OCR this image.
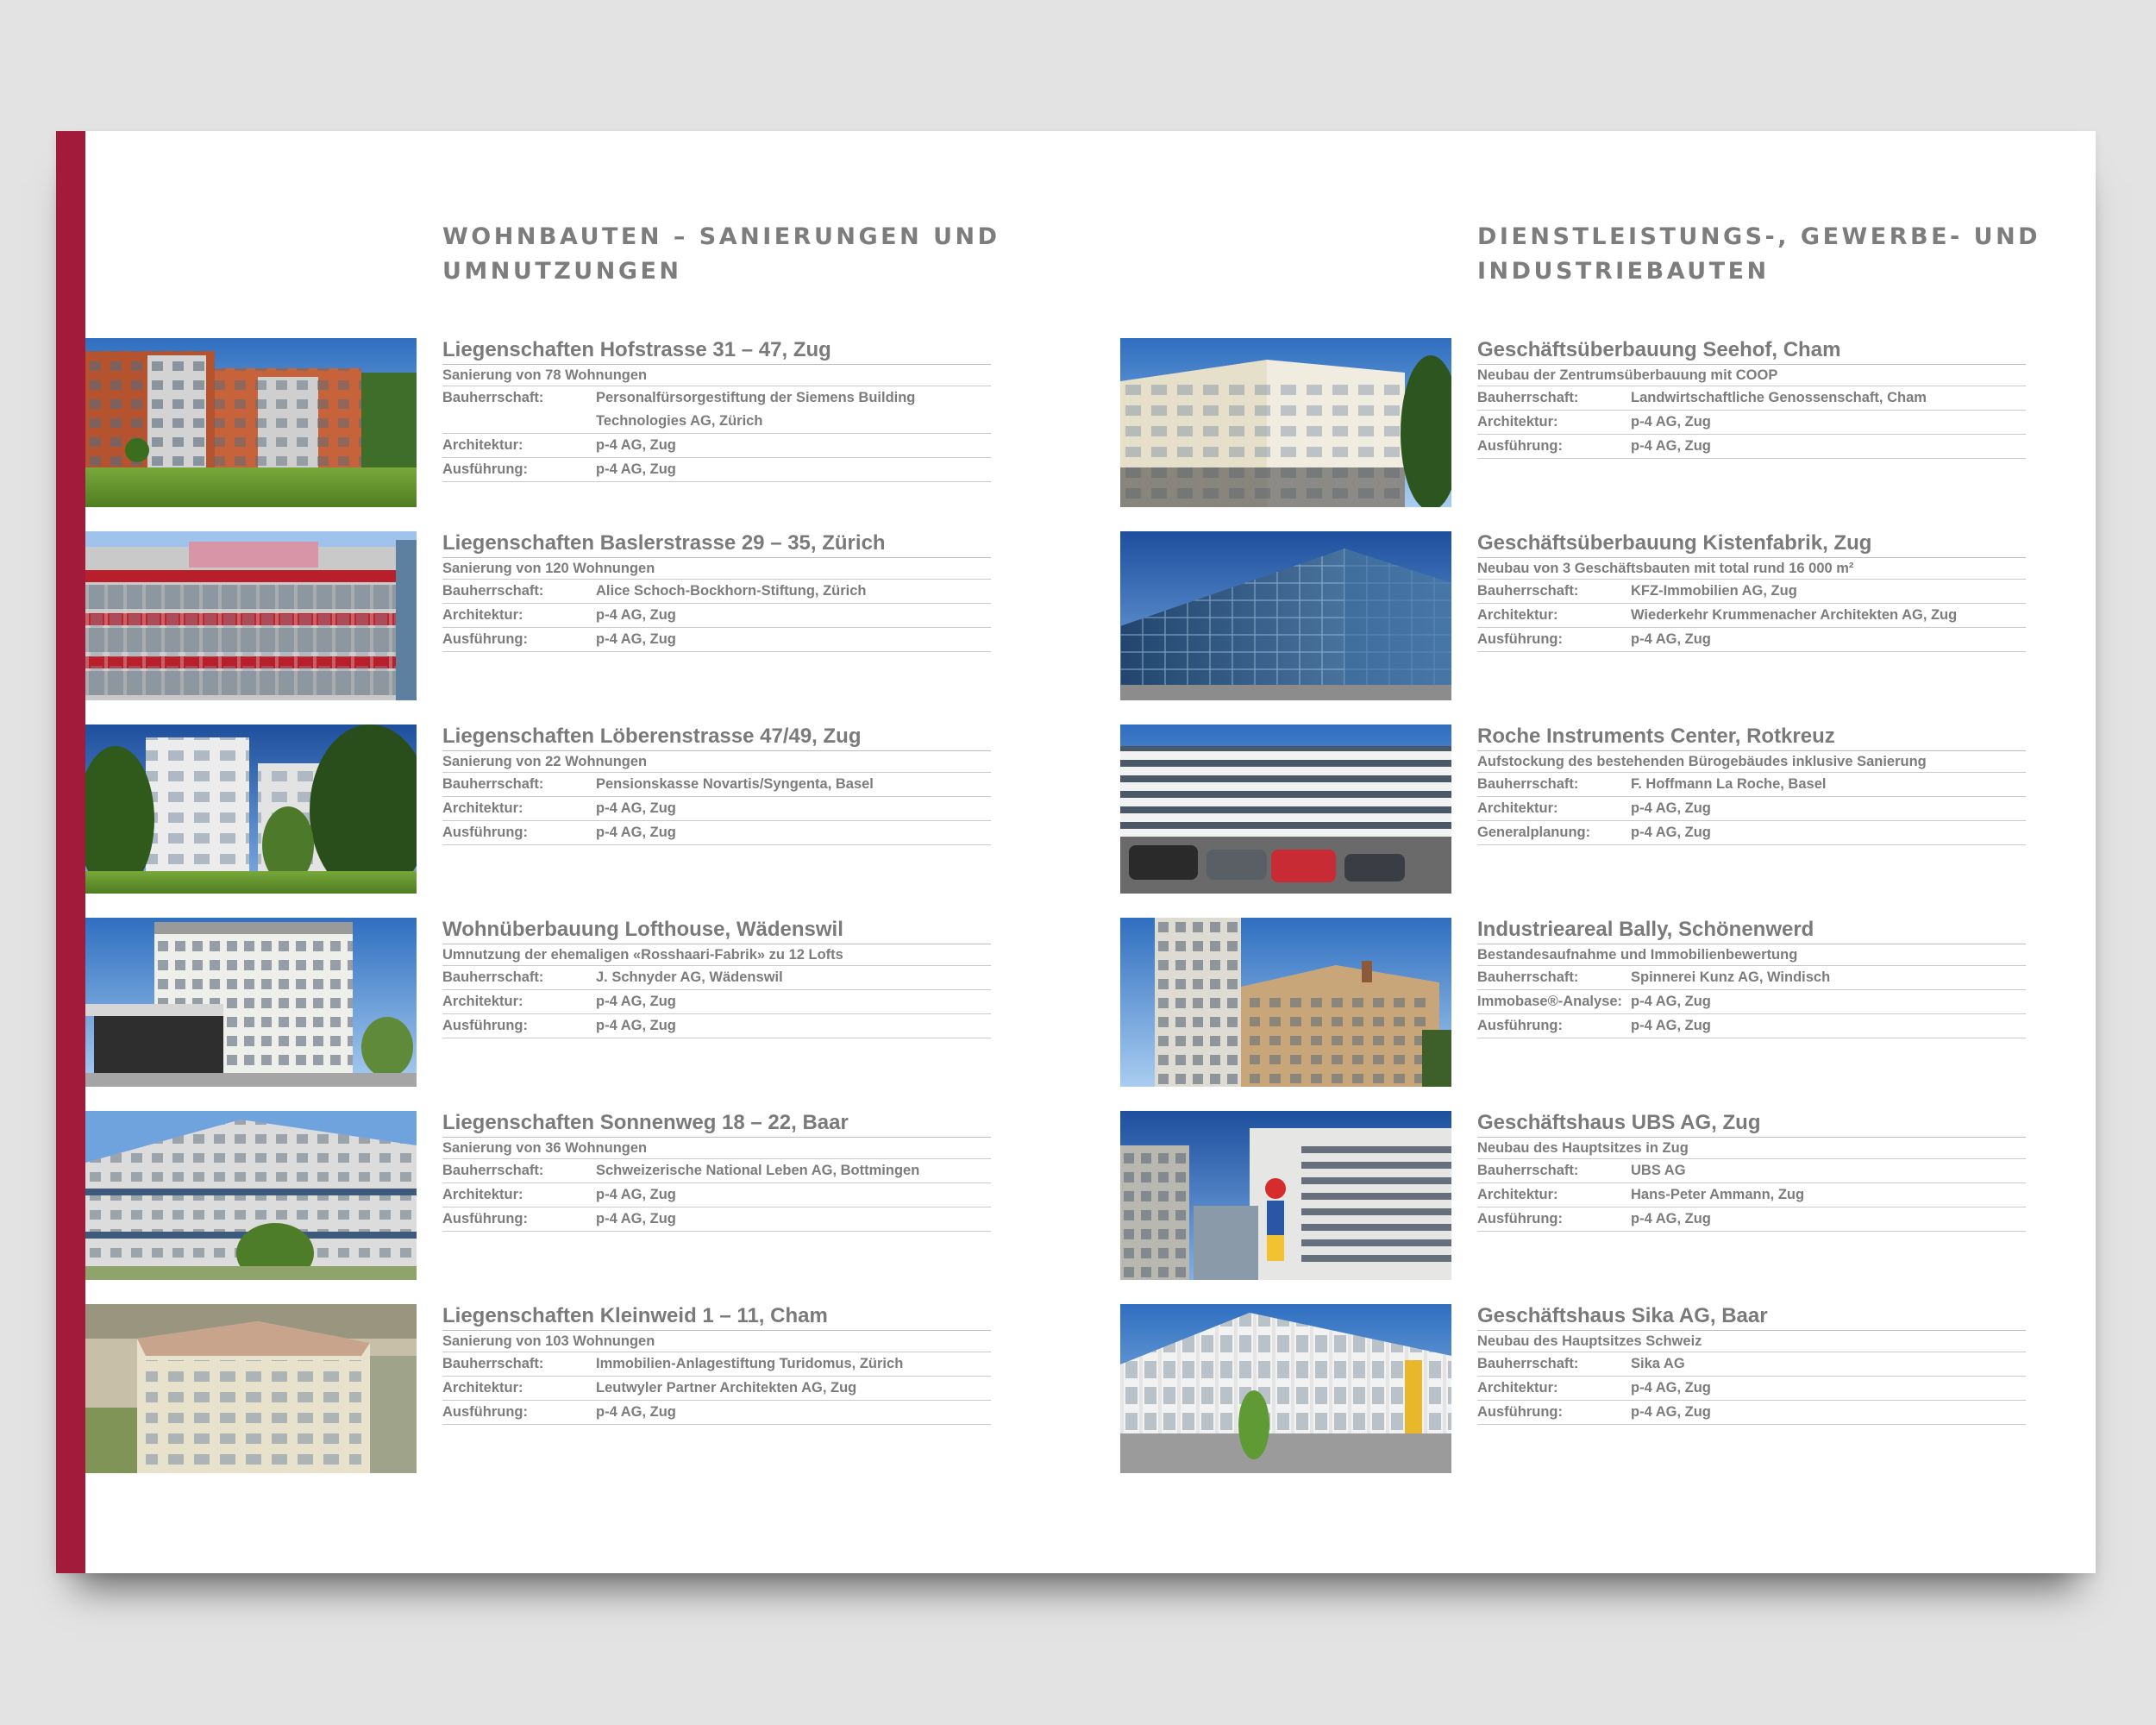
WOHNBAUTEN – SANIERUNGEN UND
UMNUTZUNGEN
DIENSTLEISTUNGS-, GEWERBE- UND
INDUSTRIEBAUTEN
Liegenschaften Hofstrasse 31 – 47, Zug
Sanierung von 78 Wohnungen
Bauherrschaft:	Personalfürsorgestiftung der Siemens Building Technologies AG, Zürich
Architektur:	p-4 AG, Zug
Ausführung:	p-4 AG, Zug
Liegenschaften Baslerstrasse 29 – 35, Zürich
Sanierung von 120 Wohnungen
Bauherrschaft:	Alice Schoch-Bockhorn-Stiftung, Zürich
Architektur:	p-4 AG, Zug
Ausführung:	p-4 AG, Zug
Liegenschaften Löberenstrasse 47/49, Zug
Sanierung von 22 Wohnungen
Bauherrschaft:	Pensionskasse Novartis/Syngenta, Basel
Architektur:	p-4 AG, Zug
Ausführung:	p-4 AG, Zug
Wohnüberbauung Lofthouse, Wädenswil
Umnutzung der ehemaligen «Rosshaari-Fabrik» zu 12 Lofts
Bauherrschaft:	J. Schnyder AG, Wädenswil
Architektur:	p-4 AG, Zug
Ausführung:	p-4 AG, Zug
Liegenschaften Sonnenweg 18 – 22, Baar
Sanierung von 36 Wohnungen
Bauherrschaft:	Schweizerische National Leben AG, Bottmingen
Architektur:	p-4 AG, Zug
Ausführung:	p-4 AG, Zug
Liegenschaften Kleinweid 1 – 11, Cham
Sanierung von 103 Wohnungen
Bauherrschaft:	Immobilien-Anlagestiftung Turidomus, Zürich
Architektur:	Leutwyler Partner Architekten AG, Zug
Ausführung:	p-4 AG, Zug
Geschäftsüberbauung Seehof, Cham
Neubau der Zentrumsüberbauung mit COOP
Bauherrschaft:	Landwirtschaftliche Genossenschaft, Cham
Architektur:	p-4 AG, Zug
Ausführung:	p-4 AG, Zug
Geschäftsüberbauung Kistenfabrik, Zug
Neubau von 3 Geschäftsbauten mit total rund 16 000 m²
Bauherrschaft:	KFZ-Immobilien AG, Zug
Architektur:	Wiederkehr Krummenacher Architekten AG, Zug
Ausführung:	p-4 AG, Zug
Roche Instruments Center, Rotkreuz
Aufstockung des bestehenden Bürogebäudes inklusive Sanierung
Bauherrschaft:	F. Hoffmann La Roche, Basel
Architektur:	p-4 AG, Zug
Generalplanung:	p-4 AG, Zug
Industrieareal Bally, Schönenwerd
Bestandesaufnahme und Immobilienbewertung
Bauherrschaft:	Spinnerei Kunz AG, Windisch
Immobase®-Analyse: p-4 AG, Zug
Ausführung:	p-4 AG, Zug
Geschäftshaus UBS AG, Zug
Neubau des Hauptsitzes in Zug
Bauherrschaft:	UBS AG
Architektur:	Hans-Peter Ammann, Zug
Ausführung:	p-4 AG, Zug
Geschäftshaus Sika AG, Baar
Neubau des Hauptsitzes Schweiz
Bauherrschaft:	Sika AG
Architektur:	p-4 AG, Zug
Ausführung:	p-4 AG, Zug
